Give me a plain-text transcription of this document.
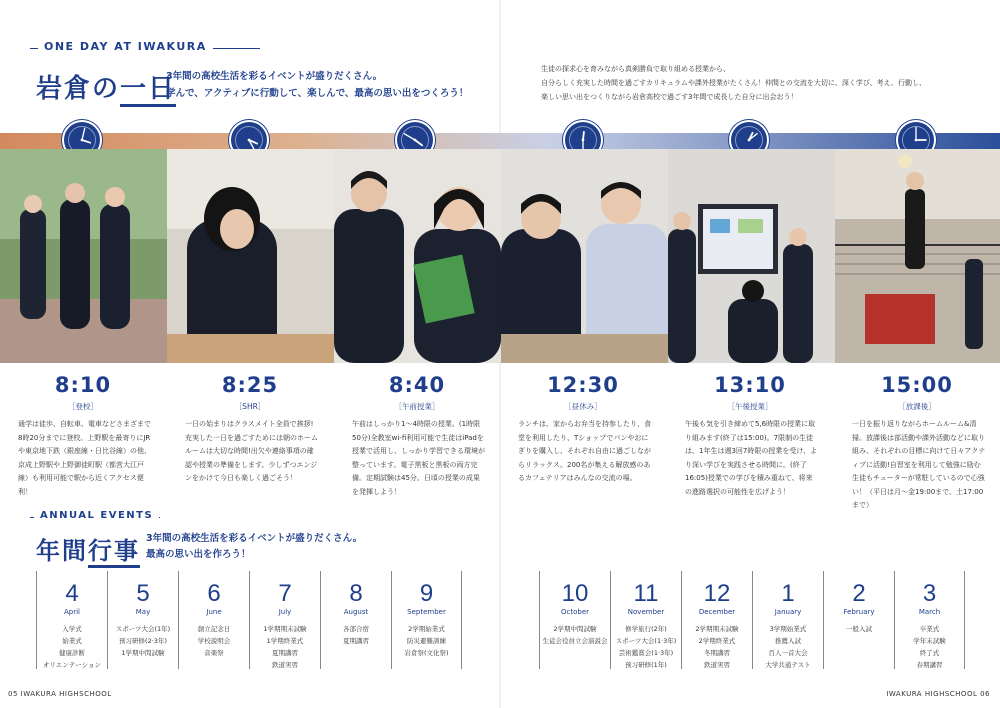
ONE DAY AT IWAKURA
岩倉の一日
3年間の高校生活を彩るイベントが盛りだくさん。
学んで、アクティブに行動して、楽しんで、最高の思い出をつくろう！
生徒の探求心を育みながら真剣勝負で取り組める授業から、
自分らしく充実した時間を過ごすカリキュラムや課外授業がたくさん！仲間との交流を大切に、深く学び、考え、行動し、
楽しい思い出をつくりながら岩倉高校で過ごす3年間で成長した自分に出会おう！
8:10
［登校］
通学は徒歩、自転車、電車などさまざまで8時20分までに登校。上野駅を最寄りにJRや東京地下鉄（銀座線・日比谷線）の他、京成上野駅や上野御徒町駅（都営大江戸線）も利用可能で駅から近くアクセス便利！
8:25
［SHR］
一日の始まりはクラスメイト全員で挨拶!充実した一日を過ごすためには朝のホームルームは大切な時間!出欠や連絡事項の確認や授業の準備をします。少しずつエンジンをかけて今日も楽しく過ごそう！
8:40
［午前授業］
午前はしっかり1〜4時限の授業。(1時限50分)全教室wi-fi利用可能で生徒はiPadを授業で活用し、しっかり学習できる環境が整っています。電子黒板と黒板の両方完備。定期試験は45分。日頃の授業の成果を発揮しよう！
12:30
［昼休み］
ランチは、家からお弁当を持参したり、食堂を利用したり、Tショップでパンやおにぎりを購入し、それぞれ自由に過ごしながらリラックス。200名が集える解放感のあるカフェテリアはみんなの交流の場。
13:10
［午後授業］
午後も気を引き締めて5,6時限の授業に取り組みます(終了は15:00)。7限制の生徒は、1年生は週3回7時限の授業を受け、より深い学びを実践させる時間に。(終了16:05)授業での学びを積み重ねて、将来の進路選択の可能性を広げよう！
15:00
［放課後］
一日を振り返りながらホームルーム&清掃。放課後は部活動や課外活動などに取り組み、それぞれの目標に向けて日々アクティブに活動!自習室を利用して勉強に励む生徒もチューターが常駐しているので心強い！（平日は月〜金19:00まで、土17:00まで）
ANNUAL EVENTS
年間行事 3年間の高校生活を彩るイベントが盛りだくさん。
最高の思い出を作ろう！
4
April
入学式
始業式
健康診断
オリエンテーション
5
May
スポーツ大会(1年)
预习研修(2·3年)
1学期中間試験
6
June
創立記念日
学校説明会
音楽祭
7
July
1学期期末試験
1学期終業式
夏期講習
鉄道実習
8
August
各部合宿
夏期講習
9
September
2学期始業式
防災避難訓練
岩倉祭(文化祭)
10
October
2学期中間試験
生徒会役員立会演説会
11
November
修学旅行(2年)
スポーツ大会(1·3年)
芸術鑑賞会(1·3年)
预习研修(1年)
12
December
2学期期末試験
2学期終業式
冬期講習
鉄道実習
1
January
3学期始業式
推薦入試
百人一首大会
大学共通テスト
2
February
一般入試
3
March
卒業式
学年末試験
終了式
春期講習
05 IWAKURA HIGHSCHOOL	IWAKURA HIGHSCHOOL 06
